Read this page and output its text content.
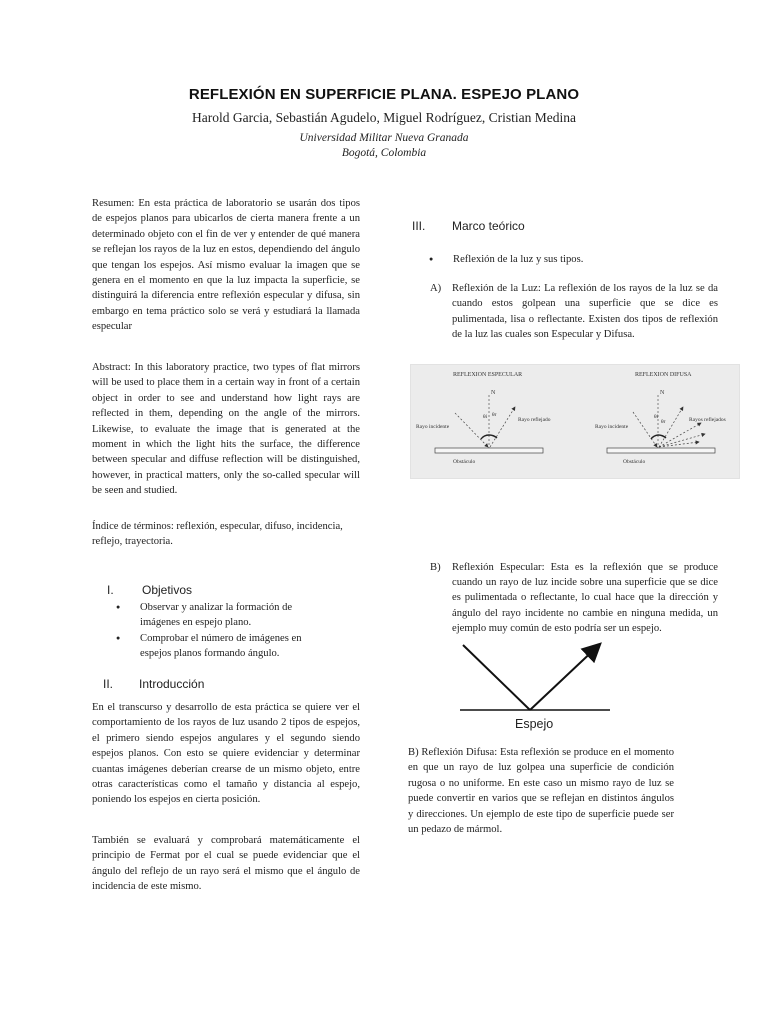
REFLEXIÓN EN SUPERFICIE PLANA. ESPEJO PLANO
Harold Garcia, Sebastián Agudelo, Miguel Rodríguez, Cristian Medina
Universidad Militar Nueva Granada
Bogotá, Colombia
Resumen: En esta práctica de laboratorio se usarán dos tipos de espejos planos para ubicarlos de cierta manera frente a un determinado objeto con el fin de ver y entender de qué manera se reflejan los rayos de la luz en estos, dependiendo del ángulo que tengan los espejos. Así mismo evaluar la imagen que se genera en el momento en que la luz impacta la superficie, se distinguirá la diferencia entre reflexión especular y difusa, sin embargo en tema práctico solo se verá y estudiará la llamada especular
Abstract: In this laboratory practice, two types of flat mirrors will be used to place them in a certain way in front of a certain object in order to see and understand how light rays are reflected in them, depending on the angle of the mirrors. Likewise, to evaluate the image that is generated at the moment in which the light hits the surface, the difference between specular and diffuse reflection will be distinguished, however, in practical matters, only the so-called specular will be seen and studied.
Índice de términos: reflexión, especular, difuso, incidencia, reflejo, trayectoria.
I. Objetivos
● Observar y analizar la formación de imágenes en espejo plano.
● Comprobar el número de imágenes en espejos planos formando ángulo.
II. Introducción
En el transcurso y desarrollo de esta práctica se quiere ver el comportamiento de los rayos de luz usando 2 tipos de espejos, el primero siendo espejos angulares y el segundo siendo espejos planos. Con esto se quiere evidenciar y determinar cuantas imágenes deberían crearse de un mismo objeto, entre otras características como el tamaño y distancia al espejo, poniendo los espejos en cierta posición.
También se evaluará y comprobará matemáticamente el principio de Fermat por el cual se puede evidenciar que el ángulo del reflejo de un rayo será el mismo que el ángulo de incidencia de este mismo.
III. Marco teórico
● Reflexión de la luz y sus tipos.
A) Reflexión de la Luz: La reflexión de los rayos de la luz se da cuando estos golpean una superficie que se dice es pulimentada, lisa o reflectante. Existen dos tipos de reflexión de la luz las cuales son Especular y Difusa.
REFLEXION ESPECULAR
N
θi θr
Rayo incidente
Rayo reflejado
Obstáculo
REFLEXION DIFUSA
N
θi
θr
Rayo incidente
Rayos reflejados
Obstáculo
B) Reflexión Especular: Esta es la reflexión que se produce cuando un rayo de luz incide sobre una superficie que se dice es pulimentada o reflectante, lo cual hace que la dirección y ángulo del rayo incidente no cambie en ninguna medida, un ejemplo muy común de esto podría ser un espejo.
Espejo
B) Reflexión Difusa: Esta reflexión se produce en el momento en que un rayo de luz golpea una superficie de condición rugosa o no uniforme. En este caso un mismo rayo de luz se puede convertir en varios que se reflejan en distintos ángulos y direcciones. Un ejemplo de este tipo de superficie puede ser un pedazo de mármol.
